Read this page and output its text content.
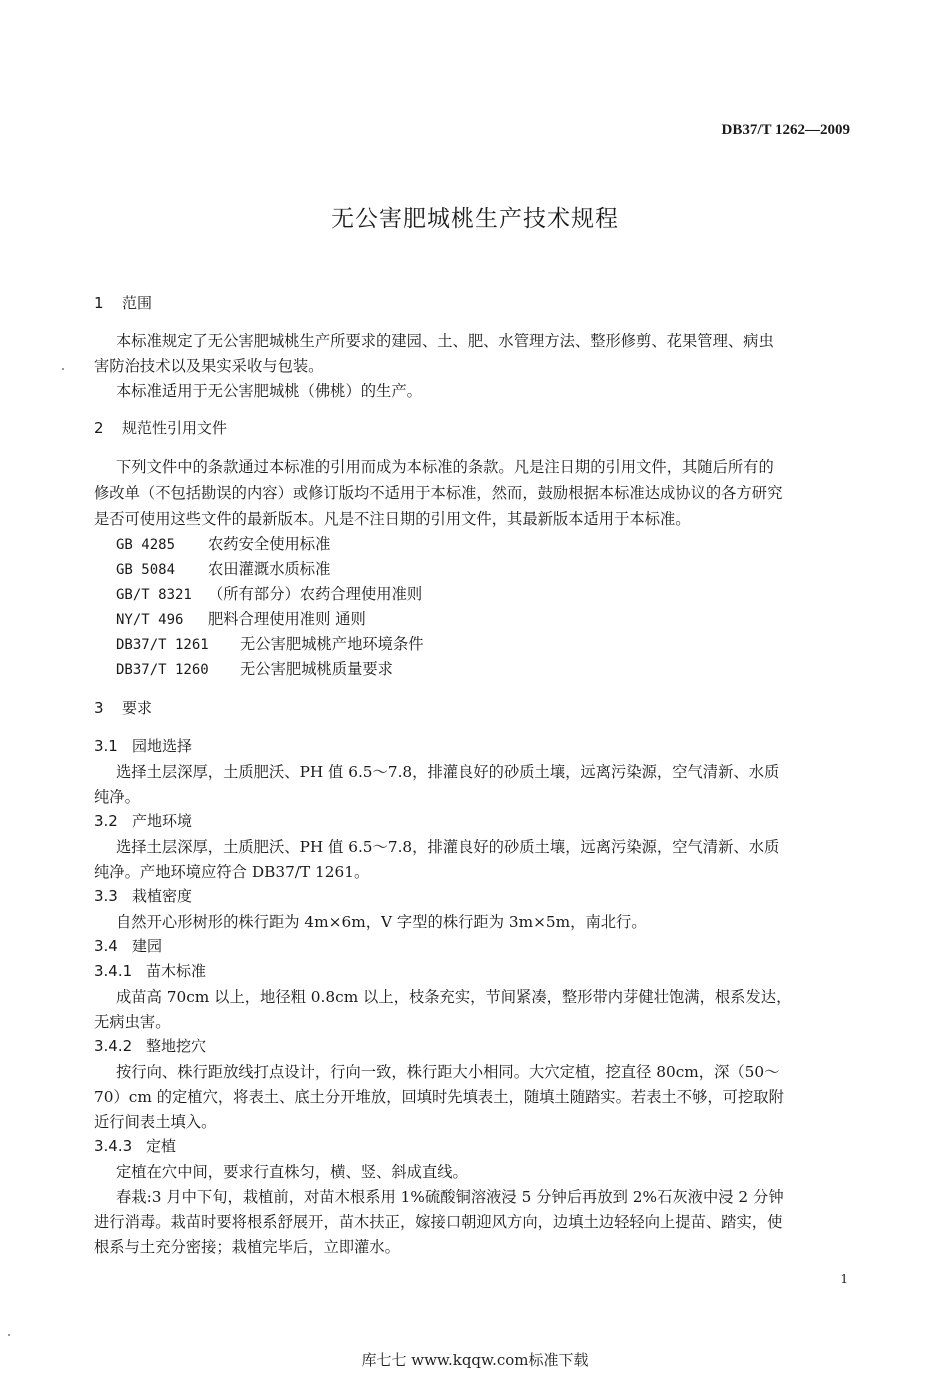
DB37/T 1262—2009
无公害肥城桃生产技术规程
1 范围
本标准规定了无公害肥城桃生产所要求的建园、土、肥、水管理方法、整形修剪、花果管理、病虫
害防治技术以及果实采收与包装。
本标准适用于无公害肥城桃（佛桃）的生产。
2 规范性引用文件
下列文件中的条款通过本标准的引用而成为本标准的条款。凡是注日期的引用文件，其随后所有的
修改单（不包括勘误的内容）或修订版均不适用于本标准，然而，鼓励根据本标准达成协议的各方研究
是否可使用这些文件的最新版本。凡是不注日期的引用文件，其最新版本适用于本标准。
GB 4285 农药安全使用标准
GB 5084 农田灌溉水质标准
GB/T 8321 （所有部分）农药合理使用准则
NY/T 496 肥料合理使用准则 通则
DB37/T 1261 无公害肥城桃产地环境条件
DB37/T 1260 无公害肥城桃质量要求
3 要求
3.1 园地选择
选择土层深厚，土质肥沃、PH 值 6.5～7.8，排灌良好的砂质土壤，远离污染源，空气清新、水质
纯净。
3.2 产地环境
选择土层深厚，土质肥沃、PH 值 6.5～7.8，排灌良好的砂质土壤，远离污染源，空气清新、水质
纯净。产地环境应符合 DB37/T 1261。
3.3 栽植密度
自然开心形树形的株行距为 4m×6m，V 字型的株行距为 3m×5m，南北行。
3.4 建园
3.4.1 苗木标准
成苗高 70cm 以上，地径粗 0.8cm 以上，枝条充实，节间紧凑，整形带内芽健壮饱满，根系发达，
无病虫害。
3.4.2 整地挖穴
按行向、株行距放线打点设计，行向一致，株行距大小相同。大穴定植，挖直径 80cm，深（50～
70）cm 的定植穴，将表土、底土分开堆放，回填时先填表土，随填土随踏实。若表土不够，可挖取附
近行间表土填入。
3.4.3 定植
定植在穴中间，要求行直株匀，横、竖、斜成直线。
春栽:3 月中下旬，栽植前，对苗木根系用 1%硫酸铜溶液浸 5 分钟后再放到 2%石灰液中浸 2 分钟
进行消毒。栽苗时要将根系舒展开，苗木扶正，嫁接口朝迎风方向，边填土边轻轻向上提苗、踏实，使
根系与土充分密接；栽植完毕后，立即灌水。
1
库七七 www.kqqw.com标准下载
